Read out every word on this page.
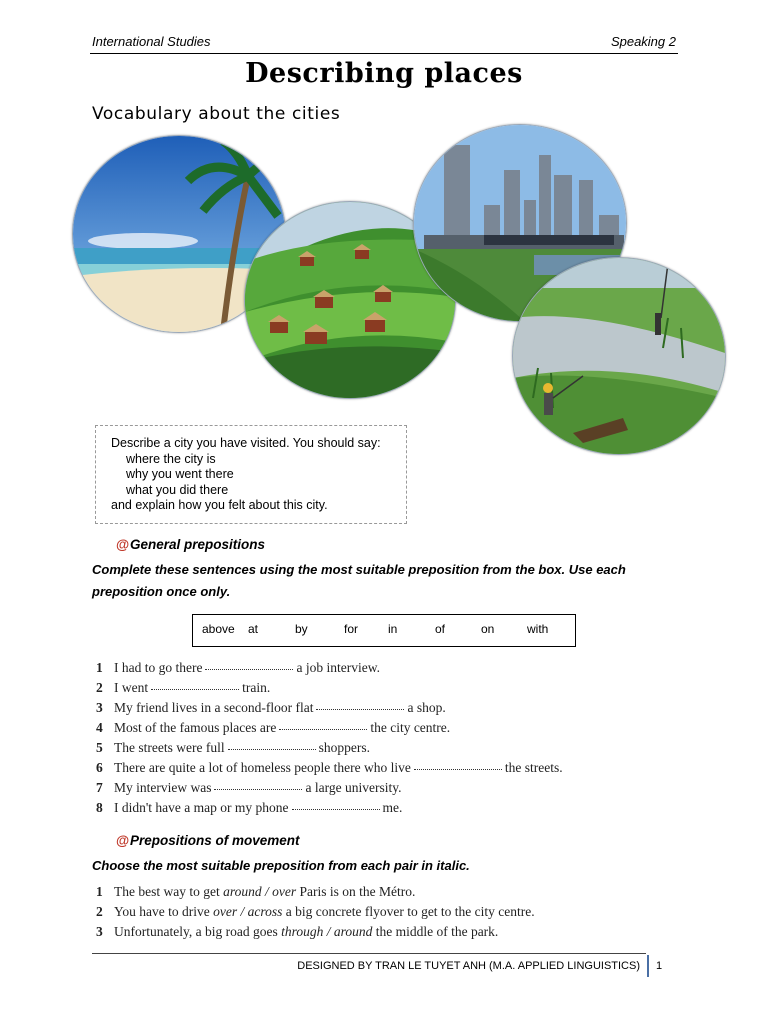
International Studies	Speaking 2
Describing places
Vocabulary about the cities
Describe a city you have visited. You should say:
where the city is
why you went there
what you did there
and explain how you felt about this city.
@General prepositions
Complete these sentences using the most suitable preposition from the box. Use each preposition once only.
above at	by	for in	of	on	with
1 I had to go there	a job interview.
2 I went	train.
3 My friend lives in a second-floor flat	a shop.
4 Most of the famous places are	the city centre.
5 The streets were full	shoppers.
6 There are quite a lot of homeless people there who live	the streets.
7 My interview was	a large university.
8 I didn't have a map or my phone	me.
@Prepositions of movement
Choose the most suitable preposition from each pair in italic.
1 The best way to get around / over Paris is on the Métro.
2 You have to drive over / across a big concrete flyover to get to the city centre.
3 Unfortunately, a big road goes through / around the middle of the park.
DESIGNED BY TRAN LE TUYET ANH (M.A. APPLIED LINGUISTICS) 1
